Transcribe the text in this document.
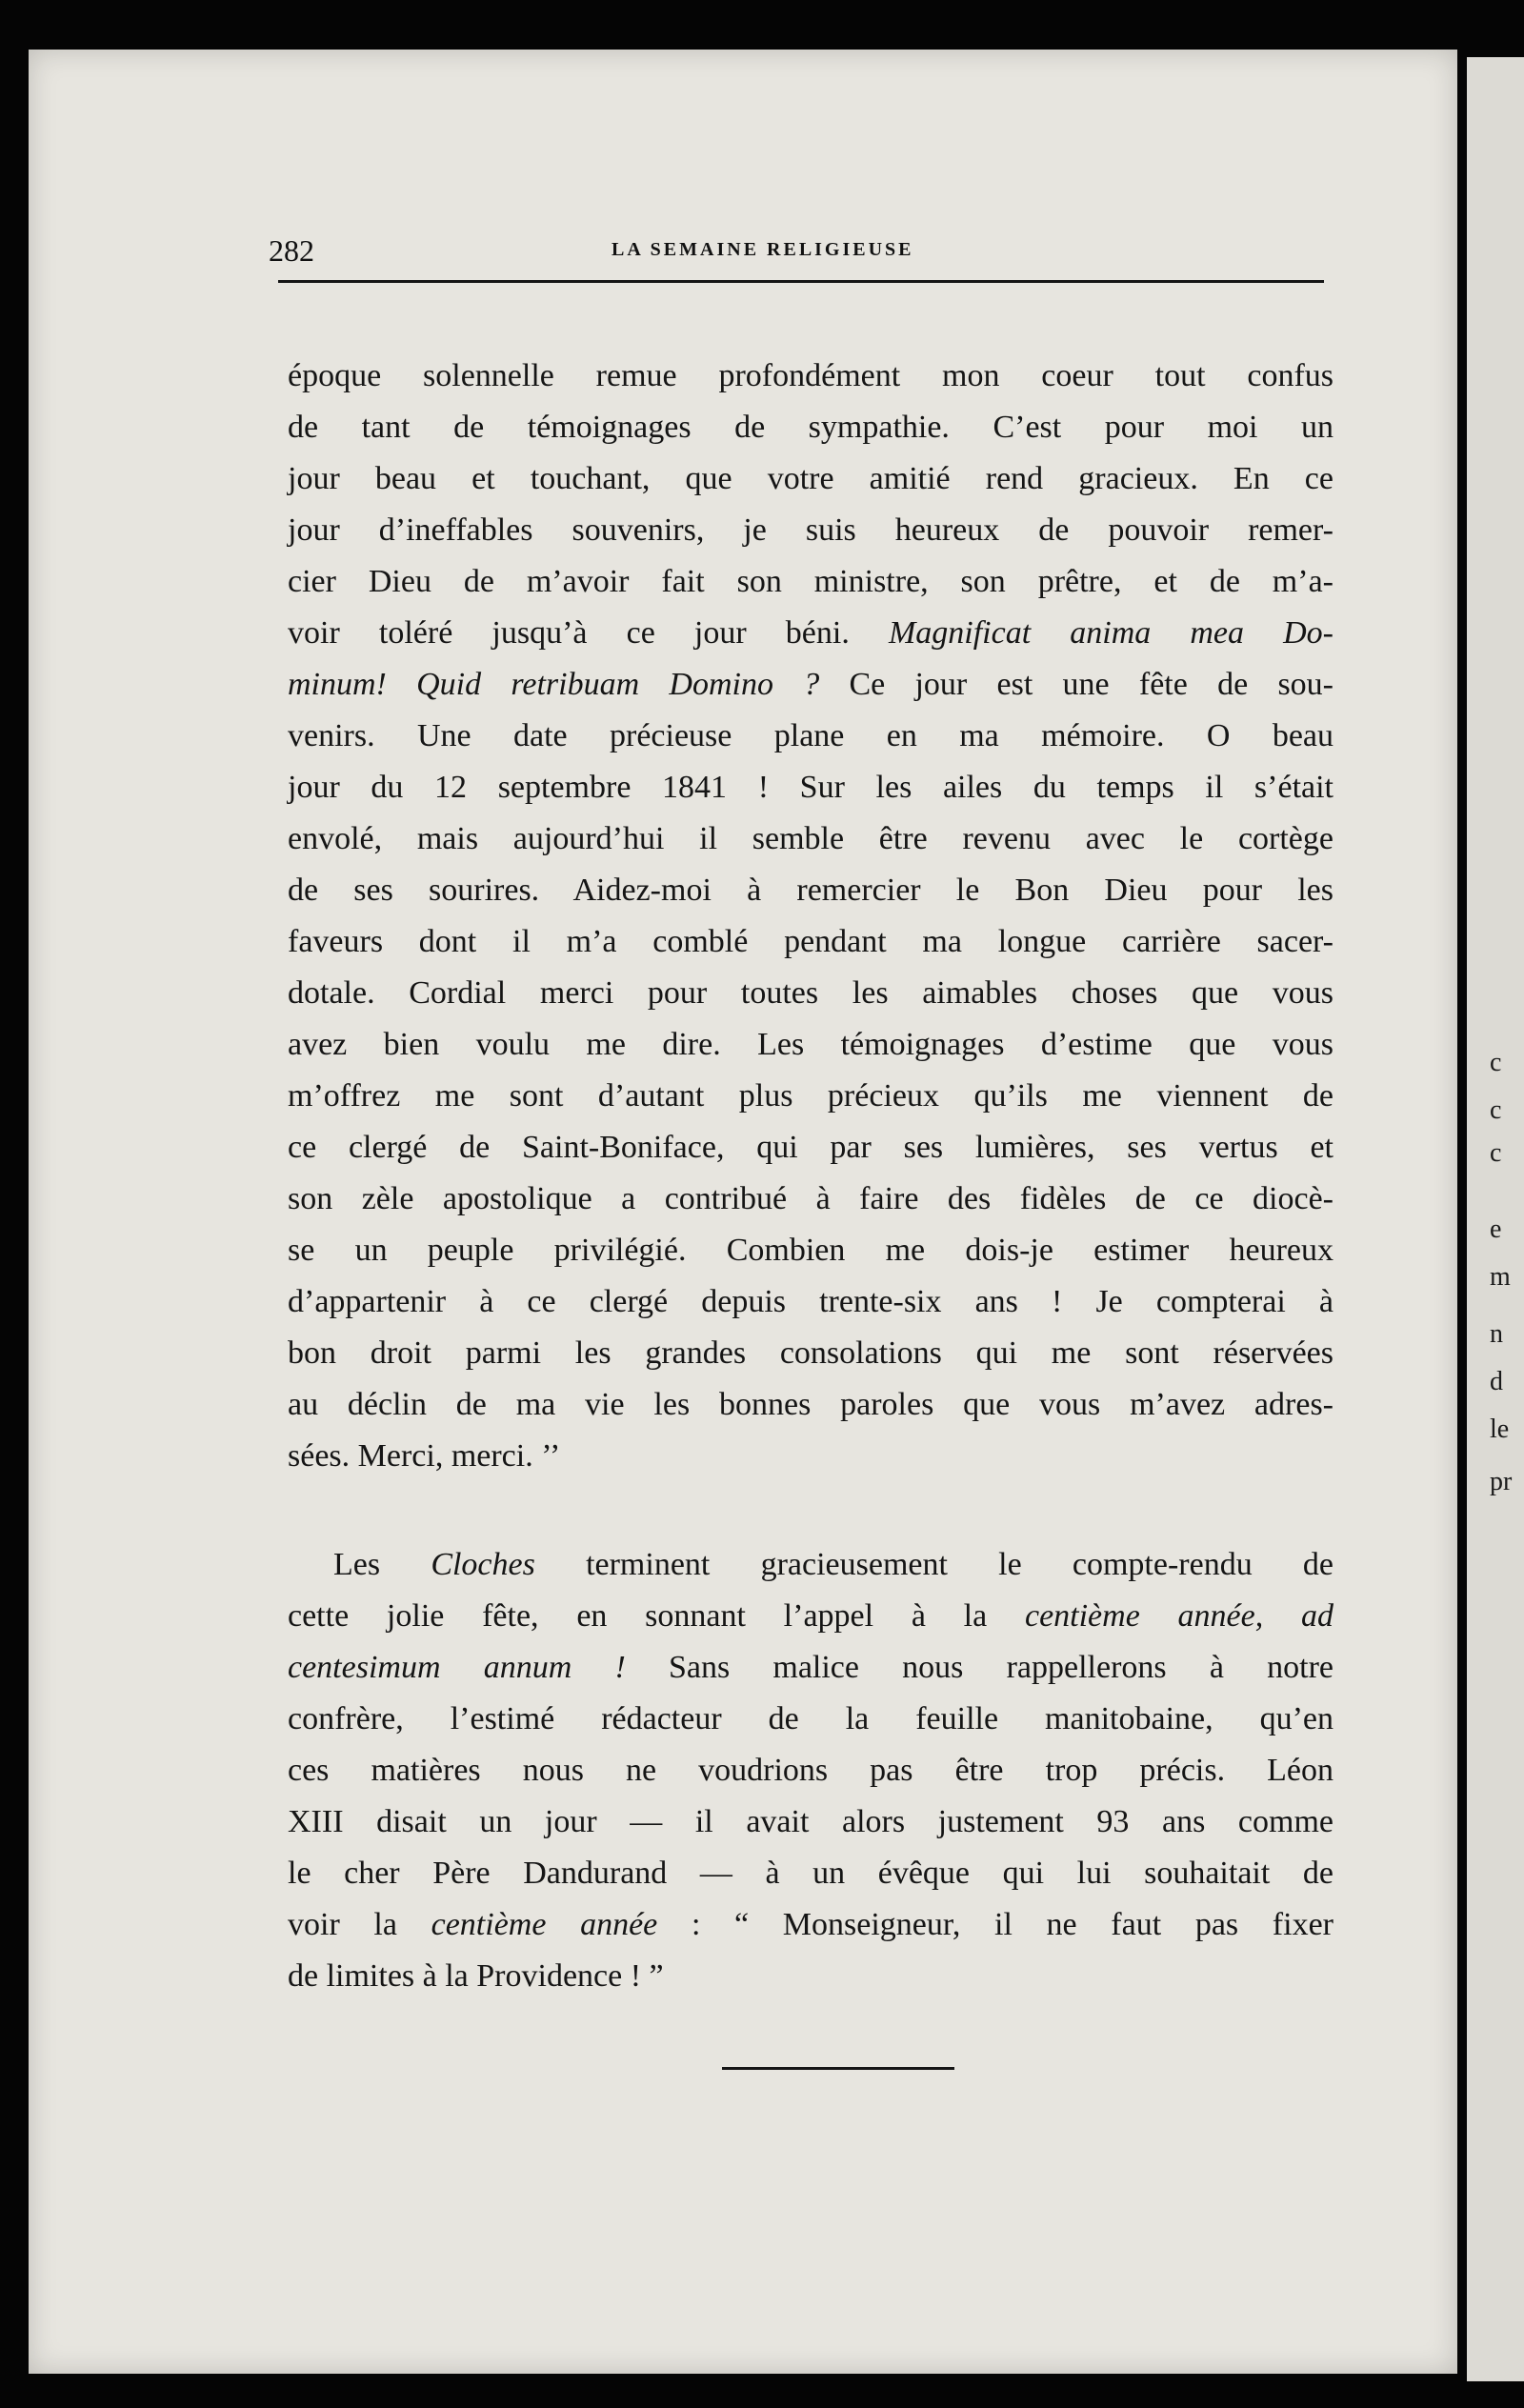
c
c
c
e
m
n
d
le
pr
282	LA SEMAINE RELIGIEUSE
époque solennelle remue profondément mon coeur tout confus
de tant de témoignages de sympathie. C’est pour moi un
jour beau et touchant, que votre amitié rend gracieux. En ce
jour d’ineffables souvenirs, je suis heureux de pouvoir remer-
cier Dieu de m’avoir fait son ministre, son prêtre, et de m’a-
voir toléré jusqu’à ce jour béni. Magnificat anima mea Do-
minum! Quid retribuam Domino ? Ce jour est une fête de sou-
venirs. Une date précieuse plane en ma mémoire. O beau
jour du 12 septembre 1841 ! Sur les ailes du temps il s’était
envolé, mais aujourd’hui il semble être revenu avec le cortège
de ses sourires. Aidez-moi à remercier le Bon Dieu pour les
faveurs dont il m’a comblé pendant ma longue carrière sacer-
dotale. Cordial merci pour toutes les aimables choses que vous
avez bien voulu me dire. Les témoignages d’estime que vous
m’offrez me sont d’autant plus précieux qu’ils me viennent de
ce clergé de Saint-Boniface, qui par ses lumières, ses vertus et
son zèle apostolique a contribué à faire des fidèles de ce diocè-
se un peuple privilégié. Combien me dois-je estimer heureux
d’appartenir à ce clergé depuis trente-six ans ! Je compterai à
bon droit parmi les grandes consolations qui me sont réservées
au déclin de ma vie les bonnes paroles que vous m’avez adres-
sées. Merci, merci. ’’
Les Cloches terminent gracieusement le compte-rendu de
cette jolie fête, en sonnant l’appel à la centième année, ad
centesimum annum ! Sans malice nous rappellerons à notre
confrère, l’estimé rédacteur de la feuille manitobaine, qu’en
ces matières nous ne voudrions pas être trop précis. Léon
XIII disait un jour — il avait alors justement 93 ans comme
le cher Père Dandurand — à un évêque qui lui souhaitait de
voir la centième année : “ Monseigneur, il ne faut pas fixer
de limites à la Providence ! ”
